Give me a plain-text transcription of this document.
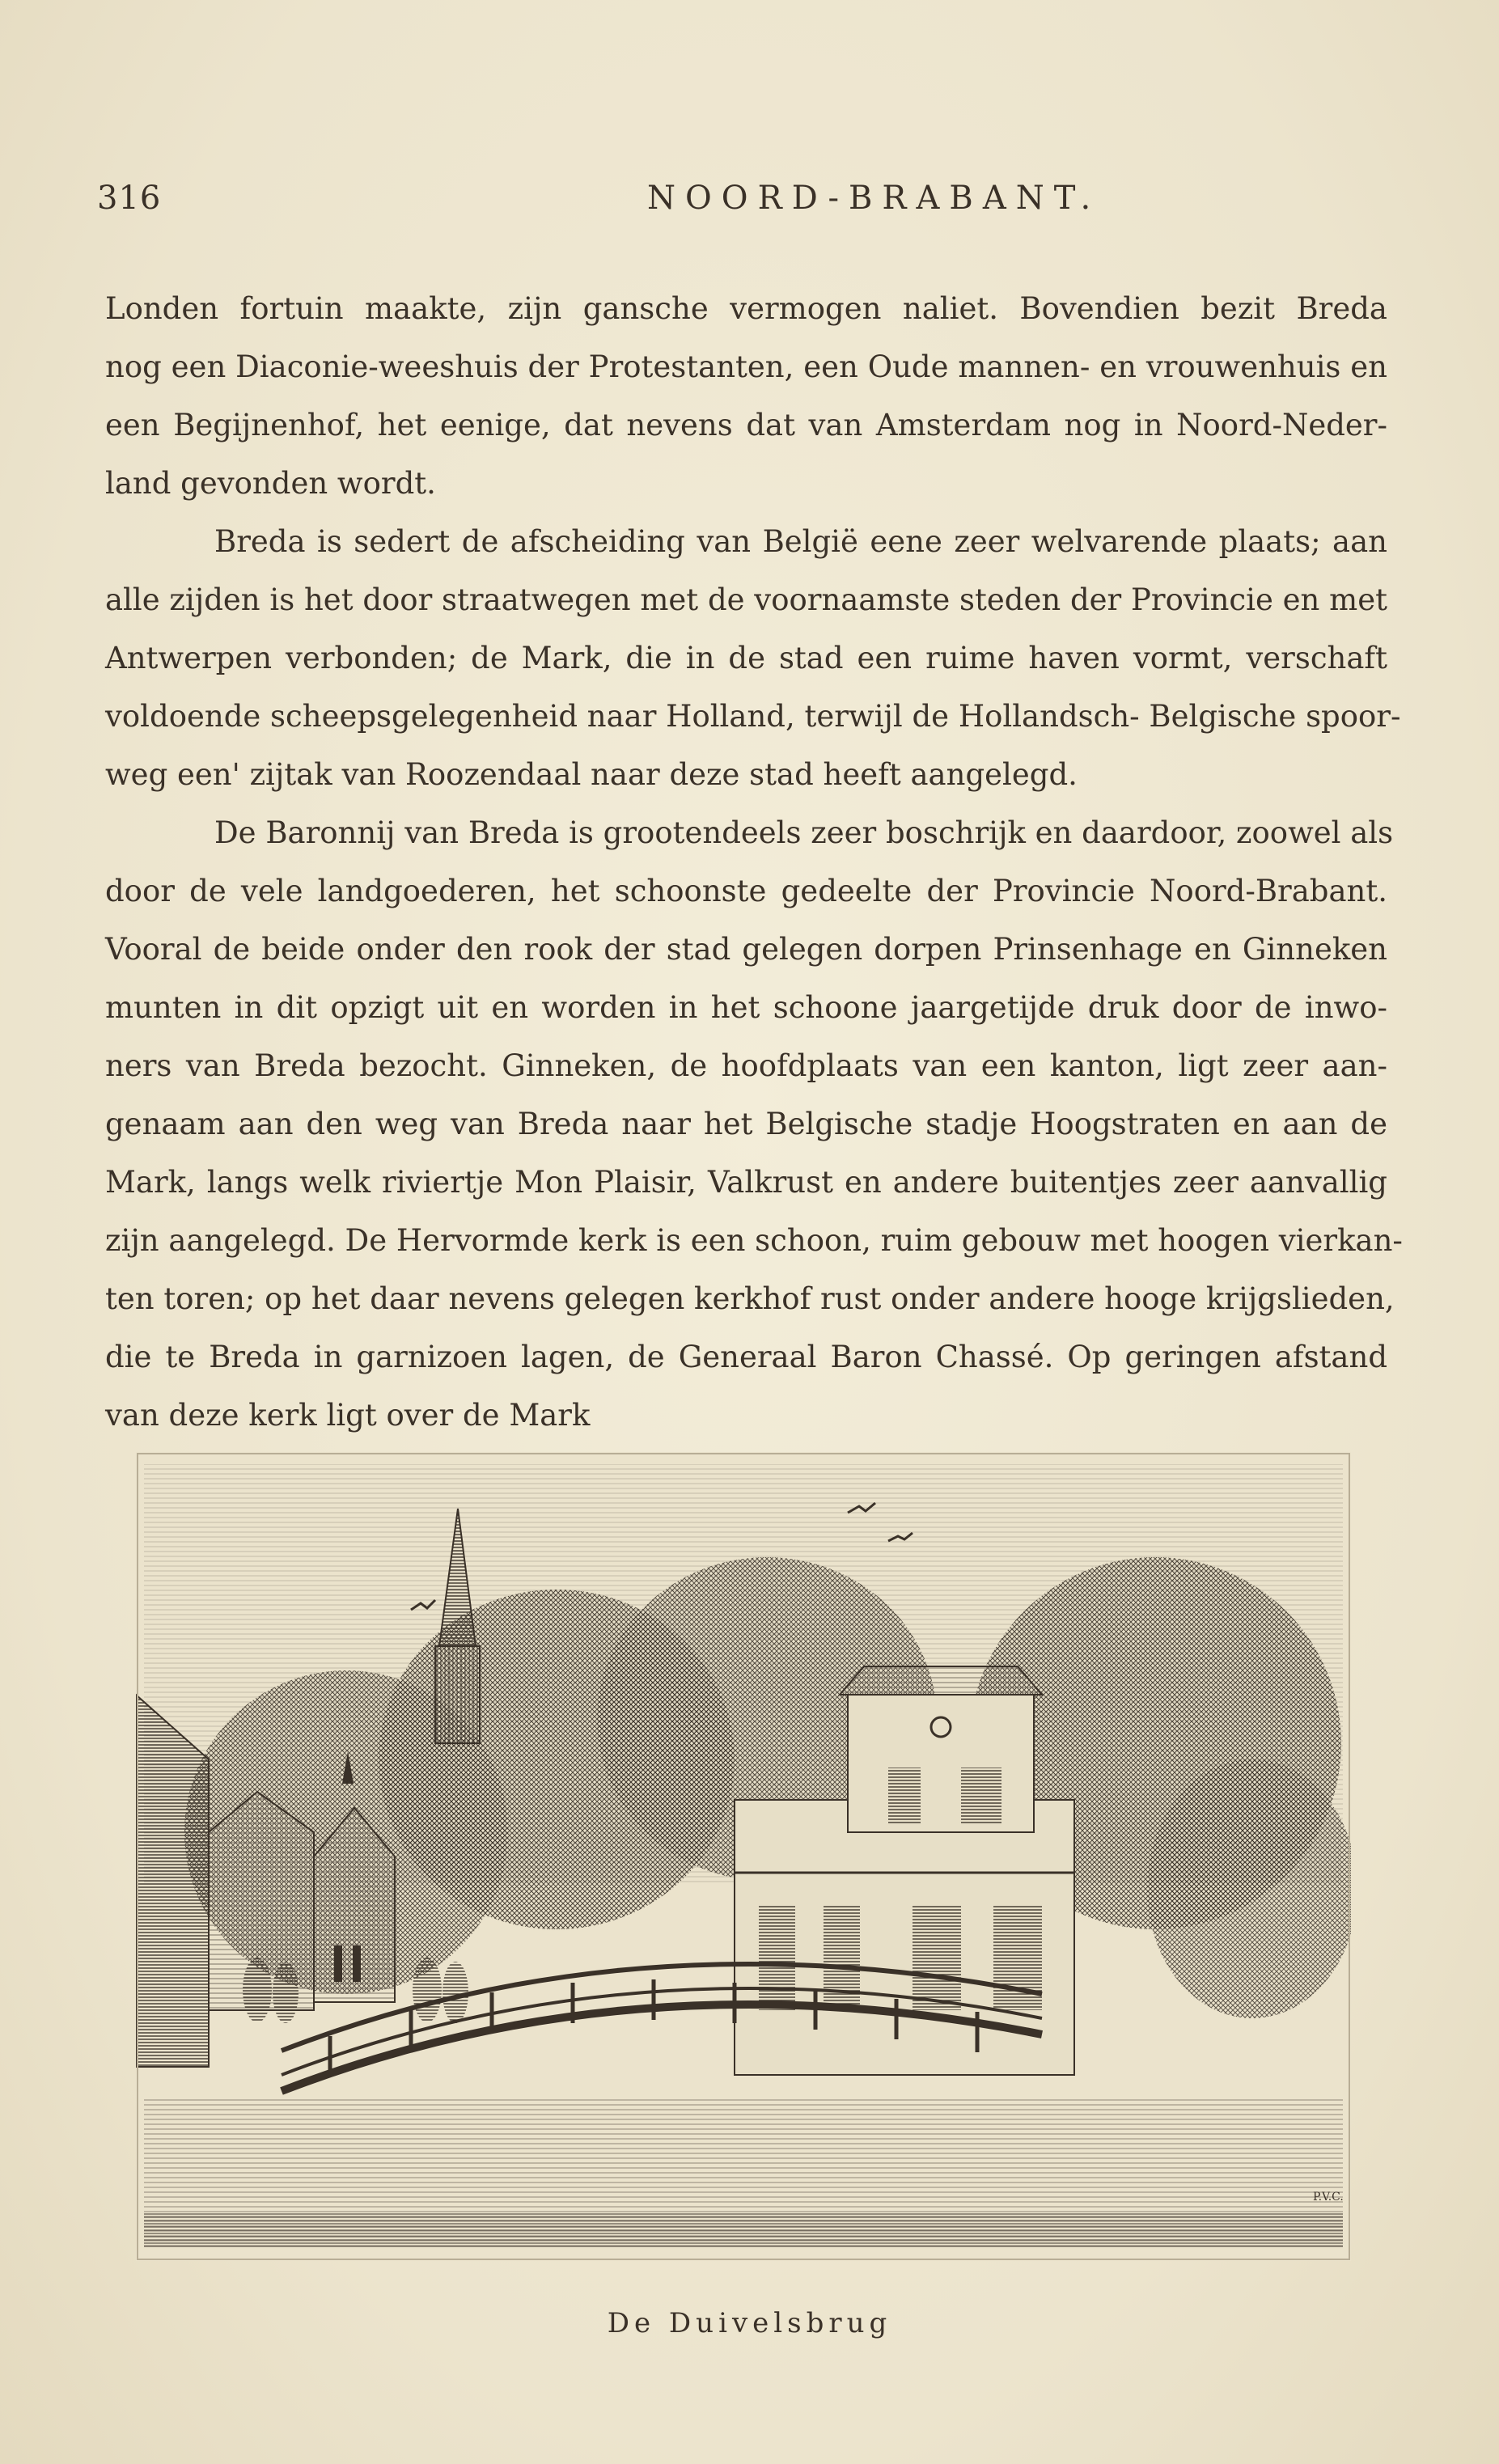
316	NOORD-BRABANT.
Londen fortuin maakte, zijn gansche vermogen naliet. Bovendien bezit Breda
nog een Diaconie-weeshuis der Protestanten, een Oude mannen- en vrouwenhuis en
een Begijnenhof, het eenige, dat nevens dat van Amsterdam nog in Noord-Neder-
land gevonden wordt.
Breda is sedert de afscheiding van België eene zeer welvarende plaats; aan
alle zijden is het door straatwegen met de voornaamste steden der Provincie en met
Antwerpen verbonden; de Mark, die in de stad een ruime haven vormt, verschaft
voldoende scheepsgelegenheid naar Holland, terwijl de Hollandsch- Belgische spoor-
weg een' zijtak van Roozendaal naar deze stad heeft aangelegd.
De Baronnij van Breda is grootendeels zeer boschrijk en daardoor, zoowel als
door de vele landgoederen, het schoonste gedeelte der Provincie Noord-Brabant.
Vooral de beide onder den rook der stad gelegen dorpen Prinsenhage en Ginneken
munten in dit opzigt uit en worden in het schoone jaargetijde druk door de inwo-
ners van Breda bezocht. Ginneken, de hoofdplaats van een kanton, ligt zeer aan-
genaam aan den weg van Breda naar het Belgische stadje Hoogstraten en aan de
Mark, langs welk riviertje Mon Plaisir, Valkrust en andere buitentjes zeer aanvallig
zijn aangelegd. De Hervormde kerk is een schoon, ruim gebouw met hoogen vierkan-
ten toren; op het daar nevens gelegen kerkhof rust onder andere hooge krijgslieden,
die te Breda in garnizoen lagen, de Generaal Baron Chassé. Op geringen afstand
van deze kerk ligt over de Mark
P.V.C.
De Duivelsbrug
